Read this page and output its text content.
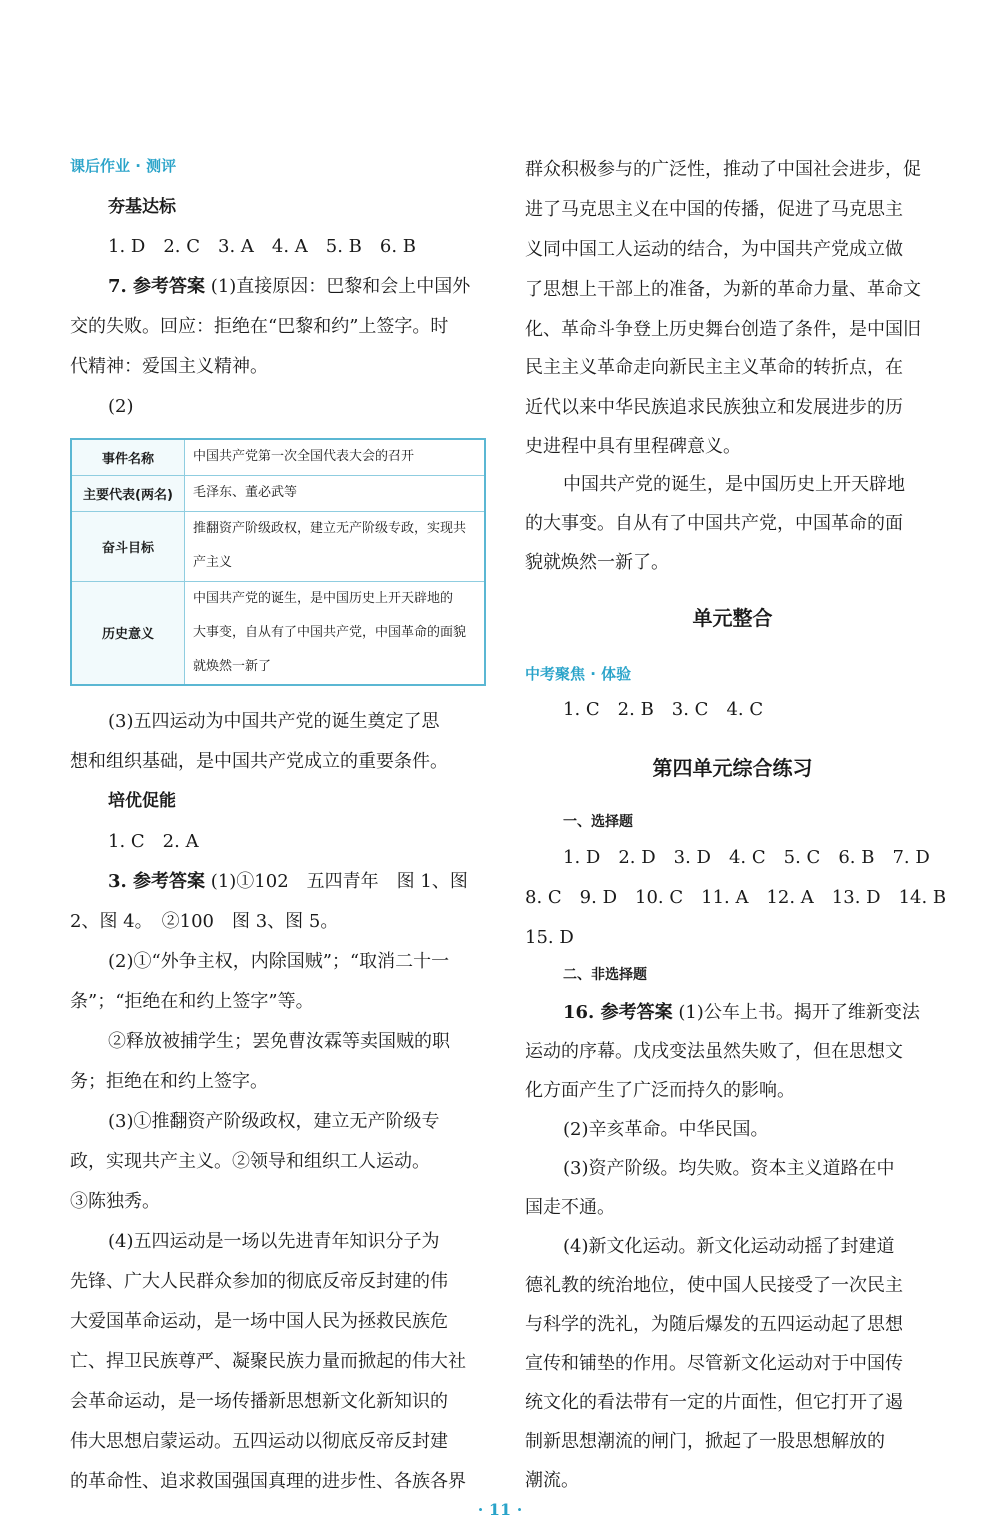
课后作业 · 测评
夯基达标

1. D　2. C　3. A　4. A　5. B　6. B

7. 参考答案 (1)直接原因：巴黎和会上中国外

交的失败。回应：拒绝在“巴黎和约”上签字。时

代精神：爱国主义精神。

(2)

事件名称	中国共产党第一次全国代表大会的召开
主要代表(两名)	毛泽东、董必武等
奋斗目标	推翻资产阶级政权，建立无产阶级专政，实现共
产主义

历史意义	中国共产党的诞生，是中国历史上开天辟地的
大事变，自从有了中国共产党，中国革命的面貌
就焕然一新了

(3)五四运动为中国共产党的诞生奠定了思

想和组织基础，是中国共产党成立的重要条件。

培优促能

1. C　2. A

3. 参考答案 (1)①102　五四青年　图 1、图

2、图 4。　②100　图 3、图 5。

(2)①“外争主权，内除国贼”；“取消二十一

条”；“拒绝在和约上签字”等。

②释放被捕学生；罢免曹汝霖等卖国贼的职

务；拒绝在和约上签字。

(3)①推翻资产阶级政权，建立无产阶级专

政，实现共产主义。②领导和组织工人运动。

③陈独秀。

(4)五四运动是一场以先进青年知识分子为

先锋、广大人民群众参加的彻底反帝反封建的伟

大爱国革命运动，是一场中国人民为拯救民族危

亡、捍卫民族尊严、凝聚民族力量而掀起的伟大社

会革命运动，是一场传播新思想新文化新知识的

伟大思想启蒙运动。五四运动以彻底反帝反封建

的革命性、追求救国强国真理的进步性、各族各界

群众积极参与的广泛性，推动了中国社会进步，促

进了马克思主义在中国的传播，促进了马克思主

义同中国工人运动的结合，为中国共产党成立做

了思想上干部上的准备，为新的革命力量、革命文

化、革命斗争登上历史舞台创造了条件，是中国旧

民主主义革命走向新民主主义革命的转折点，在

近代以来中华民族追求民族独立和发展进步的历

史进程中具有里程碑意义。

中国共产党的诞生，是中国历史上开天辟地

的大事变。自从有了中国共产党，中国革命的面

貌就焕然一新了。

单元整合
中考聚焦 · 体验

1. C　2. B　3. C　4. C

第四单元综合练习
一、选择题

1. D　2. D　3. D　4. C　5. C　6. B　7. D

8. C　9. D　10. C　11. A　12. A　13. D　14. B

15. D

二、非选择题

16. 参考答案 (1)公车上书。揭开了维新变法

运动的序幕。戊戌变法虽然失败了，但在思想文

化方面产生了广泛而持久的影响。

(2)辛亥革命。中华民国。

(3)资产阶级。均失败。资本主义道路在中

国走不通。

(4)新文化运动。新文化运动动摇了封建道

德礼教的统治地位，使中国人民接受了一次民主

与科学的洗礼，为随后爆发的五四运动起了思想

宣传和铺垫的作用。尽管新文化运动对于中国传

统文化的看法带有一定的片面性，但它打开了遏

制新思想潮流的闸门，掀起了一股思想解放的

潮流。

· 11 ·
